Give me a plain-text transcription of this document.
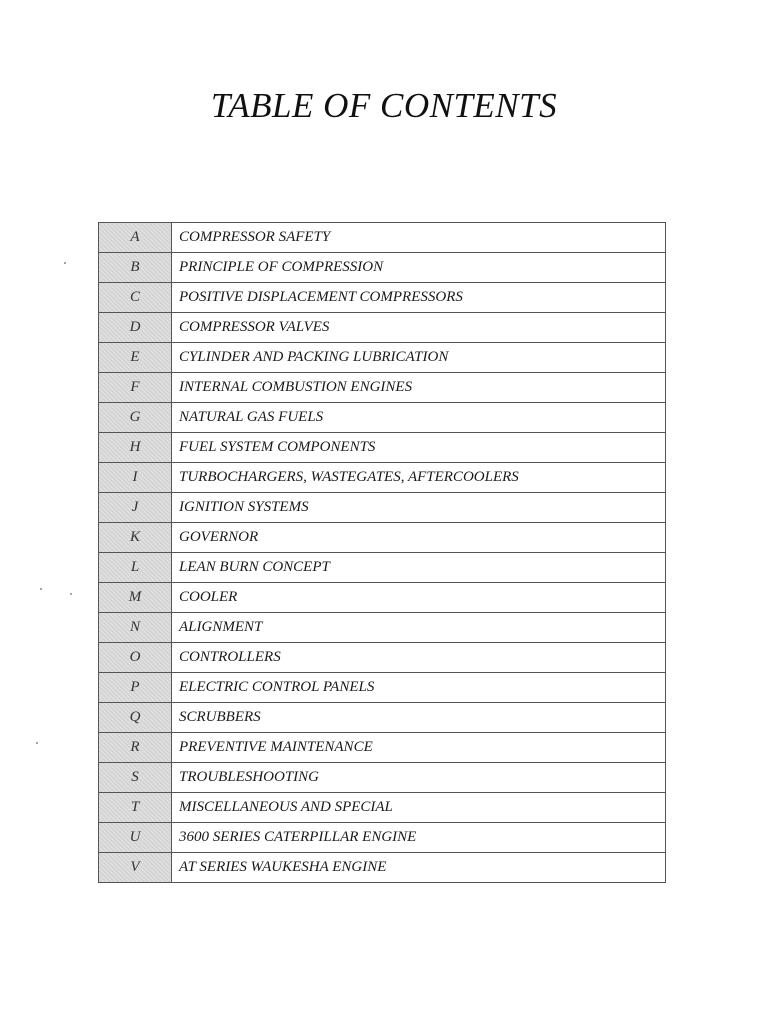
TABLE OF CONTENTS
A	COMPRESSOR SAFETY
B	PRINCIPLE OF COMPRESSION
C	POSITIVE DISPLACEMENT COMPRESSORS
D	COMPRESSOR VALVES
E	CYLINDER AND PACKING LUBRICATION
F	INTERNAL COMBUSTION ENGINES
G	NATURAL GAS FUELS
H	FUEL SYSTEM COMPONENTS
I	TURBOCHARGERS, WASTEGATES, AFTERCOOLERS
J	IGNITION SYSTEMS
K	GOVERNOR
L	LEAN BURN CONCEPT
M	COOLER
N	ALIGNMENT
O	CONTROLLERS
P	ELECTRIC CONTROL PANELS
Q	SCRUBBERS
R	PREVENTIVE MAINTENANCE
S	TROUBLESHOOTING
T	MISCELLANEOUS AND SPECIAL
U	3600 SERIES CATERPILLAR ENGINE
V	AT SERIES WAUKESHA ENGINE
